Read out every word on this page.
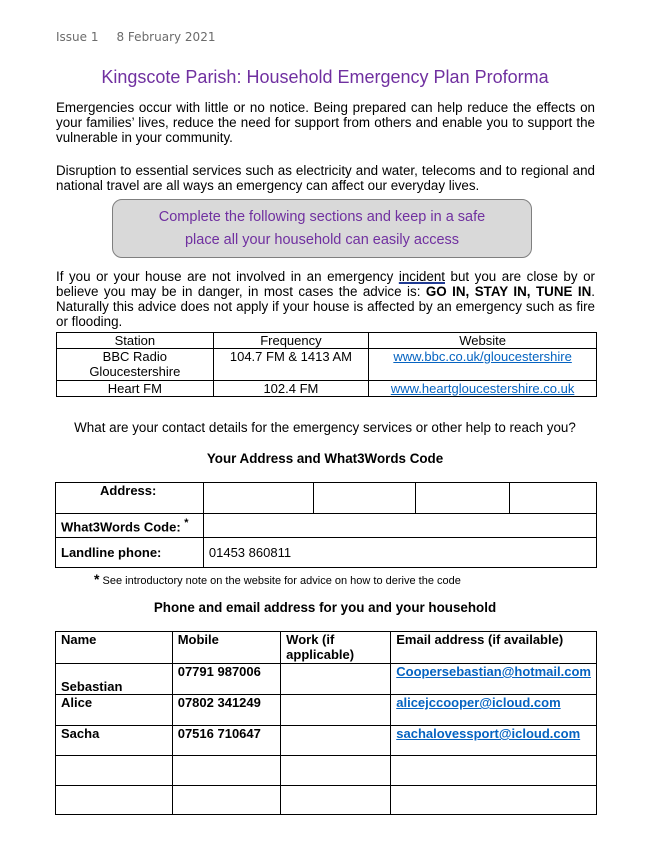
Issue 1 8 February 2021
Kingscote Parish: Household Emergency Plan Proforma
Emergencies occur with little or no notice. Being prepared can help reduce the effects on your families’ lives, reduce the need for support from others and enable you to support the vulnerable in your community.
Disruption to essential services such as electricity and water, telecoms and to regional and national travel are all ways an emergency can affect our everyday lives.
Complete the following sections and keep in a safe
place all your household can easily access
If you or your house are not involved in an emergency incident but you are close by or believe you may be in danger, in most cases the advice is: GO IN, STAY IN, TUNE IN. Naturally this advice does not apply if your house is affected by an emergency such as fire or flooding.
Station	Frequency	Website
BBC Radio Gloucestershire	104.7 FM & 1413 AM	www.bbc.co.uk/gloucestershire
Heart FM	102.4 FM	www.heartgloucestershire.co.uk
What are your contact details for the emergency services or other help to reach you?
Your Address and What3Words Code
Address:				
What3Words Code: *	
Landline phone:	01453 860811			
* See introductory note on the website for advice on how to derive the code
Phone and email address for you and your household
Name	Mobile	Work (if applicable)	Email address (if available)
Sebastian	07791 987006		Coopersebastian@hotmail.com
Alice	07802 341249		alicejccooper@icloud.com
Sacha	07516 710647		sachalovessport@icloud.com
